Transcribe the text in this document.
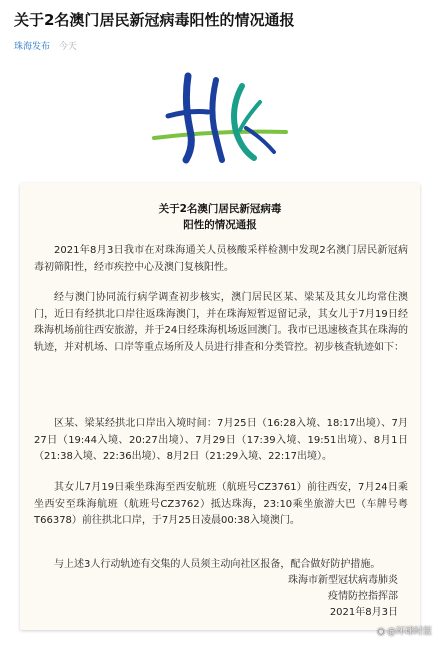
关于2名澳门居民新冠病毒阳性的情况通报
珠海发布 今天
关于2名澳门居民新冠病毒
阳性的情况通报
2021年8月3日我市在对珠海通关人员核酸采样检测中发现2名澳门居民新冠病毒初筛阳性，经市疾控中心及澳门复核阳性。
经与澳门协同流行病学调查初步核实，澳门居民区某、梁某及其女儿均常住澳门，近日有经拱北口岸往返珠海澳门，并在珠海短暂逗留记录，其女儿于7月19日经珠海机场前往西安旅游，并于24日经珠海机场返回澳门。我市已迅速核查其在珠海的轨迹，并对机场、口岸等重点场所及人员进行排查和分类管控。初步核查轨迹如下：
区某、梁某经拱北口岸出入境时间：7月25日（16:28入境、18:17出境）、7月27日（19:44入境、20:27出境）、7月29日（17:39入境、19:51出境）、8月1日（21:38入境、22:36出境）、8月2日（21:29入境、22:17出境）。
其女儿7月19日乘坐珠海至西安航班（航班号CZ3761）前往西安，7月24日乘坐西安至珠海航班（航班号CZ3762）抵达珠海，23:10乘坐旅游大巴（车牌号粤T66378）前往拱北口岸，于7月25日凌晨00:38入境澳门。
与上述3人行动轨迹有交集的人员须主动向社区报备，配合做好防护措施。
珠海市新型冠状病毒肺炎
疫情防控指挥部
2021年8月3日
◉ @环球时报
